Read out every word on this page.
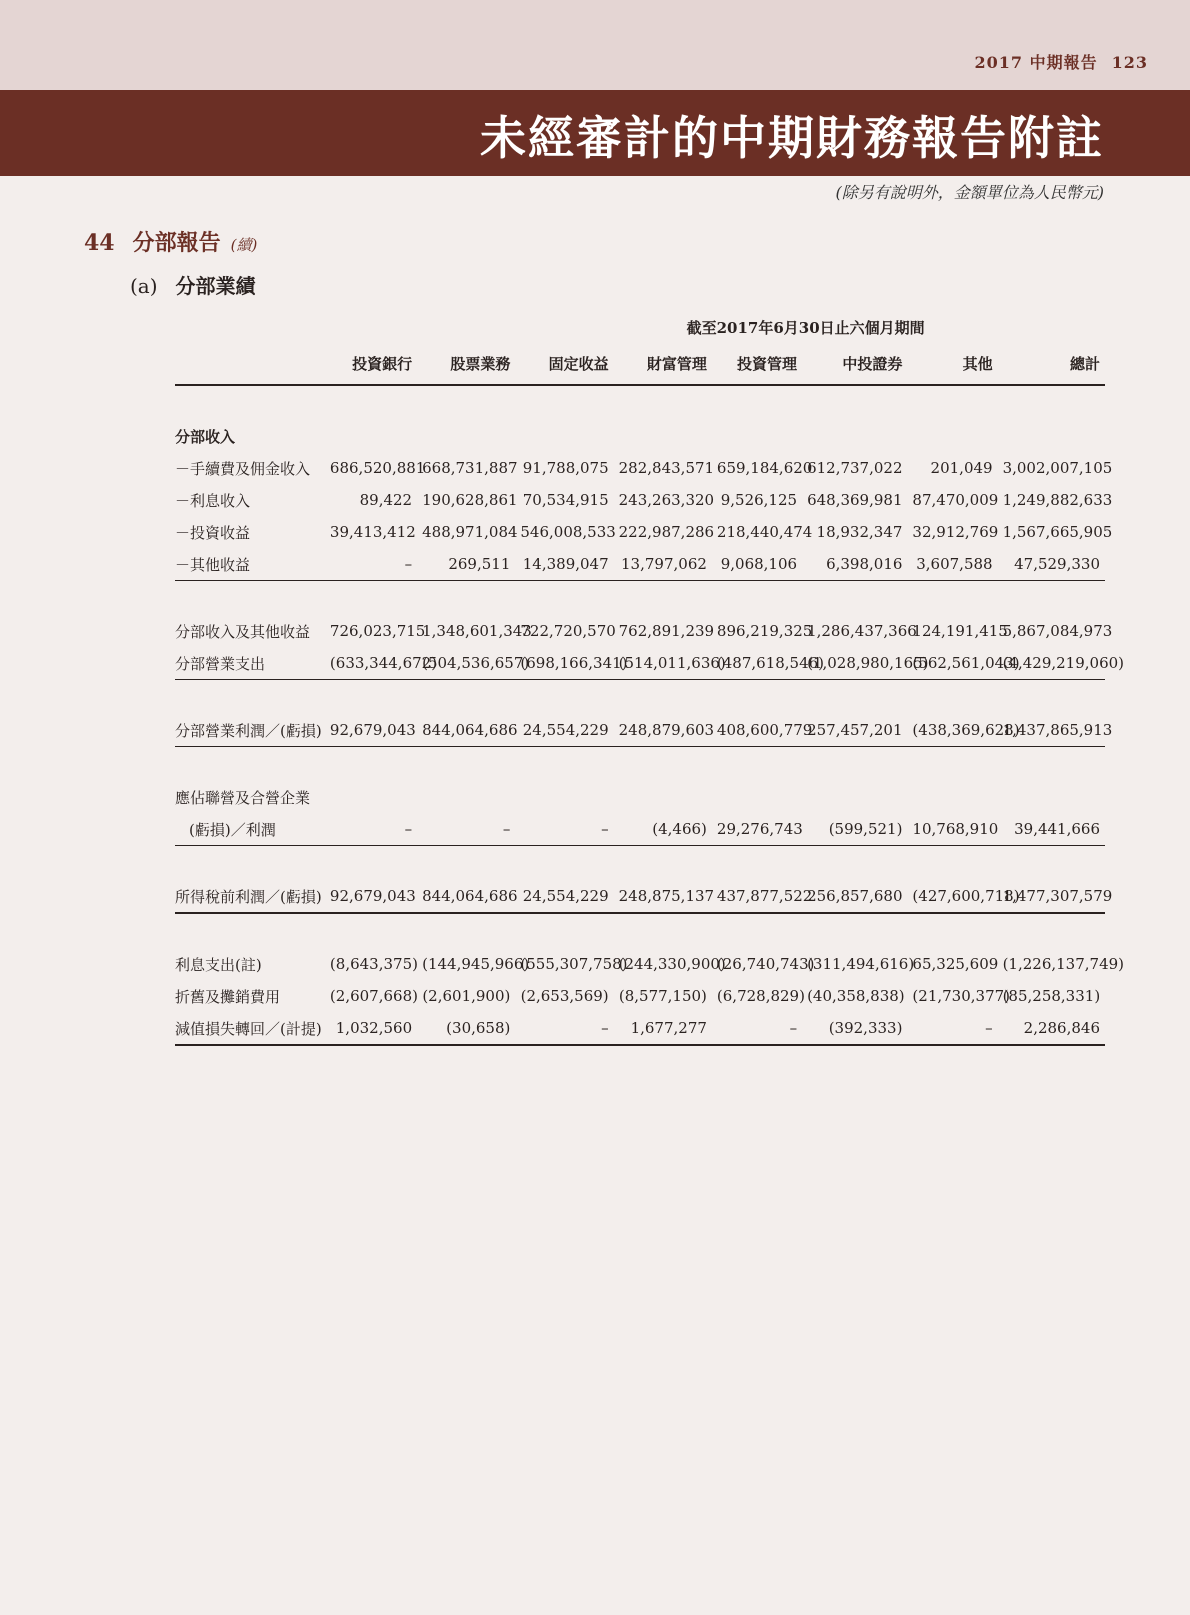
2017 中期報告 123
未經審計的中期財務報告附註
(除另有說明外，金額單位為人民幣元)
44 分部報告 (續)
(a) 分部業績
				截至2017年6月30日止六個月期間				
	投資銀行	股票業務	固定收益	財富管理	投資管理	中投證券	其他	總計

分部收入								
－手續費及佣金收入	686,520,881	668,731,887	91,788,075	282,843,571	659,184,620	612,737,022	201,049	3,002,007,105
－利息收入	89,422	190,628,861	70,534,915	243,263,320	9,526,125	648,369,981	87,470,009	1,249,882,633
－投資收益	39,413,412	488,971,084	546,008,533	222,987,286	218,440,474	18,932,347	32,912,769	1,567,665,905
－其他收益	–	269,511	14,389,047	13,797,062	9,068,106	6,398,016	3,607,588	47,529,330

分部收入及其他收益	726,023,715	1,348,601,343	722,720,570	762,891,239	896,219,325	1,286,437,366	124,191,415	5,867,084,973
分部營業支出	(633,344,672)	(504,536,657)	(698,166,341)	(514,011,636)	(487,618,546)	(1,028,980,165)	(562,561,043)	(4,429,219,060)

分部營業利潤／(虧損)	92,679,043	844,064,686	24,554,229	248,879,603	408,600,779	257,457,201	(438,369,628)	1,437,865,913

應佔聯營及合營企業								
(虧損)／利潤	–	–	–	(4,466)	29,276,743	(599,521)	10,768,910	39,441,666

所得稅前利潤／(虧損)	92,679,043	844,064,686	24,554,229	248,875,137	437,877,522	256,857,680	(427,600,718)	1,477,307,579

利息支出(註)	(8,643,375)	(144,945,966)	(555,307,758)	(244,330,900)	(26,740,743)	(311,494,616)	65,325,609	(1,226,137,749)
折舊及攤銷費用	(2,607,668)	(2,601,900)	(2,653,569)	(8,577,150)	(6,728,829)	(40,358,838)	(21,730,377)	(85,258,331)
減值損失轉回／(計提)	1,032,560	(30,658)	–	1,677,277	–	(392,333)	–	2,286,846
